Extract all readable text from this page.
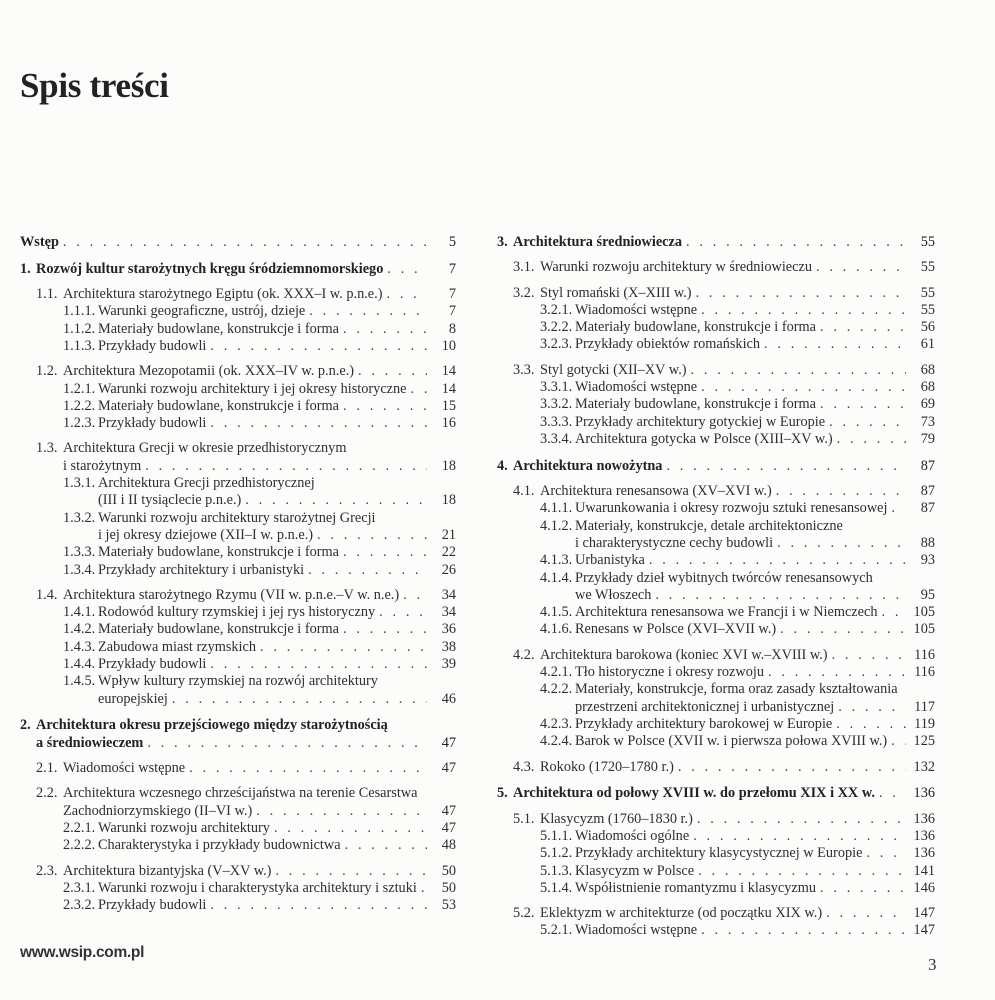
Spis treści
Wstęp . . .	5
1. Rozwój kultur starożytnych kręgu śródziemnomorskiego . . .	7
1.1. Architektura starożytnego Egiptu (ok. XXX–I w. p.n.e.) . . .	7
1.1.1. Warunki geograficzne, ustrój, dzieje . . .	7
1.1.2. Materiały budowlane, konstrukcje i forma . . .	8
1.1.3. Przykłady budowli . . .	10
1.2. Architektura Mezopotamii (ok. XXX–IV w. p.n.e.) . . .	14
1.2.1. Warunki rozwoju architektury i jej okresy historyczne . . .	14
1.2.2. Materiały budowlane, konstrukcje i forma . . .	15
1.2.3. Przykłady budowli . . .	16
1.3. Architektura Grecji w okresie przedhistorycznym
i starożytnym . . .	18
1.3.1. Architektura Grecji przedhistorycznej
(III i II tysiąclecie p.n.e.) . . .	18
1.3.2. Warunki rozwoju architektury starożytnej Grecji
i jej okresy dziejowe (XII–I w. p.n.e.) . . .	21
1.3.3. Materiały budowlane, konstrukcje i forma . . .	22
1.3.4. Przykłady architektury i urbanistyki . . .	26
1.4. Architektura starożytnego Rzymu (VII w. p.n.e.–V w. n.e.) . . .	34
1.4.1. Rodowód kultury rzymskiej i jej rys historyczny . . .	34
1.4.2. Materiały budowlane, konstrukcje i forma . . .	36
1.4.3. Zabudowa miast rzymskich . . .	38
1.4.4. Przykłady budowli . . .	39
1.4.5. Wpływ kultury rzymskiej na rozwój architektury
europejskiej . . .	46
2. Architektura okresu przejściowego między starożytnością
a średniowieczem . . .	47
2.1. Wiadomości wstępne . . .	47
2.2. Architektura wczesnego chrześcijaństwa na terenie Cesarstwa
Zachodniorzymskiego (II–VI w.) . . .	47
2.2.1. Warunki rozwoju architektury . . .	47
2.2.2. Charakterystyka i przykłady budownictwa . . .	48
2.3. Architektura bizantyjska (V–XV w.) . . .	50
2.3.1. Warunki rozwoju i charakterystyka architektury i sztuki . . .	50
2.3.2. Przykłady budowli . . .	53
3. Architektura średniowiecza . . .	55
3.1. Warunki rozwoju architektury w średniowieczu . . .	55
3.2. Styl romański (X–XIII w.) . . .	55
3.2.1. Wiadomości wstępne . . .	55
3.2.2. Materiały budowlane, konstrukcje i forma . . .	56
3.2.3. Przykłady obiektów romańskich . . .	61
3.3. Styl gotycki (XII–XV w.) . . .	68
3.3.1. Wiadomości wstępne . . .	68
3.3.2. Materiały budowlane, konstrukcje i forma . . .	69
3.3.3. Przykłady architektury gotyckiej w Europie . . .	73
3.3.4. Architektura gotycka w Polsce (XIII–XV w.) . . .	79
4. Architektura nowożytna . . .	87
4.1. Architektura renesansowa (XV–XVI w.) . . .	87
4.1.1. Uwarunkowania i okresy rozwoju sztuki renesansowej . . .	87
4.1.2. Materiały, konstrukcje, detale architektoniczne
i charakterystyczne cechy budowli . . .	88
4.1.3. Urbanistyka . . .	93
4.1.4. Przykłady dzieł wybitnych twórców renesansowych
we Włoszech . . .	95
4.1.5. Architektura renesansowa we Francji i w Niemczech . . .	105
4.1.6. Renesans w Polsce (XVI–XVII w.) . . .	105
4.2. Architektura barokowa (koniec XVI w.–XVIII w.) . . .	116
4.2.1. Tło historyczne i okresy rozwoju . . .	116
4.2.2. Materiały, konstrukcje, forma oraz zasady kształtowania
przestrzeni architektonicznej i urbanistycznej . . .	117
4.2.3. Przykłady architektury barokowej w Europie . . .	119
4.2.4. Barok w Polsce (XVII w. i pierwsza połowa XVIII w.) . . .	125
4.3. Rokoko (1720–1780 r.) . . .	132
5. Architektura od połowy XVIII w. do przełomu XIX i XX w. . . .	136
5.1. Klasycyzm (1760–1830 r.) . . .	136
5.1.1. Wiadomości ogólne . . .	136
5.1.2. Przykłady architektury klasycystycznej w Europie . . .	136
5.1.3. Klasycyzm w Polsce . . .	141
5.1.4. Współistnienie romantyzmu i klasycyzmu . . .	146
5.2. Eklektyzm w architekturze (od początku XIX w.) . . .	147
5.2.1. Wiadomości wstępne . . .	147
www.wsip.com.pl
3
